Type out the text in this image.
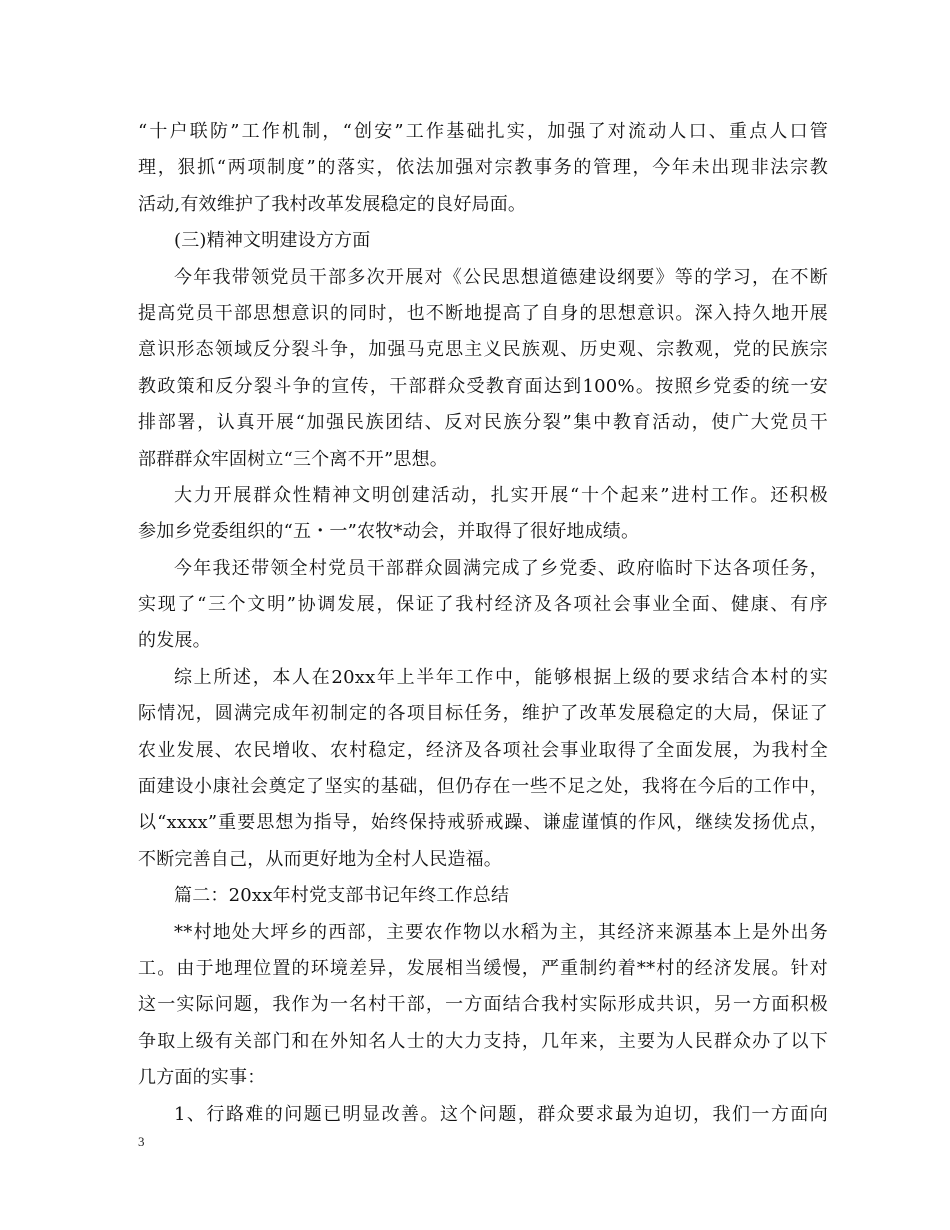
“十户联防”工作机制，“创安”工作基础扎实，加强了对流动人口、重点人口管
理，狠抓“两项制度”的落实，依法加强对宗教事务的管理，今年未出现非法宗教
活动,有效维护了我村改革发展稳定的良好局面。
(三)精神文明建设方方面
今年我带领党员干部多次开展对《公民思想道德建设纲要》等的学习，在不断
提高党员干部思想意识的同时，也不断地提高了自身的思想意识。深入持久地开展
意识形态领域反分裂斗争，加强马克思主义民族观、历史观、宗教观，党的民族宗
教政策和反分裂斗争的宣传，干部群众受教育面达到100%。按照乡党委的统一安
排部署，认真开展“加强民族团结、反对民族分裂”集中教育活动，使广大党员干
部群群众牢固树立“三个离不开”思想。
大力开展群众性精神文明创建活动，扎实开展“十个起来”进村工作。还积极
参加乡党委组织的“五・一”农牧*动会，并取得了很好地成绩。
今年我还带领全村党员干部群众圆满完成了乡党委、政府临时下达各项任务，
实现了“三个文明”协调发展，保证了我村经济及各项社会事业全面、健康、有序
的发展。
综上所述，本人在20xx年上半年工作中，能够根据上级的要求结合本村的实
际情况，圆满完成年初制定的各项目标任务，维护了改革发展稳定的大局，保证了
农业发展、农民增收、农村稳定，经济及各项社会事业取得了全面发展，为我村全
面建设小康社会奠定了坚实的基础，但仍存在一些不足之处，我将在今后的工作中，
以“xxxx”重要思想为指导，始终保持戒骄戒躁、谦虚谨慎的作风，继续发扬优点，
不断完善自己，从而更好地为全村人民造福。
篇二：20xx年村党支部书记年终工作总结
**村地处大坪乡的西部，主要农作物以水稻为主，其经济来源基本上是外出务
工。由于地理位置的环境差异，发展相当缓慢，严重制约着**村的经济发展。针对
这一实际问题，我作为一名村干部，一方面结合我村实际形成共识，另一方面积极
争取上级有关部门和在外知名人士的大力支持，几年来，主要为人民群众办了以下
几方面的实事：
1、行路难的问题已明显改善。这个问题，群众要求最为迫切，我们一方面向
3
